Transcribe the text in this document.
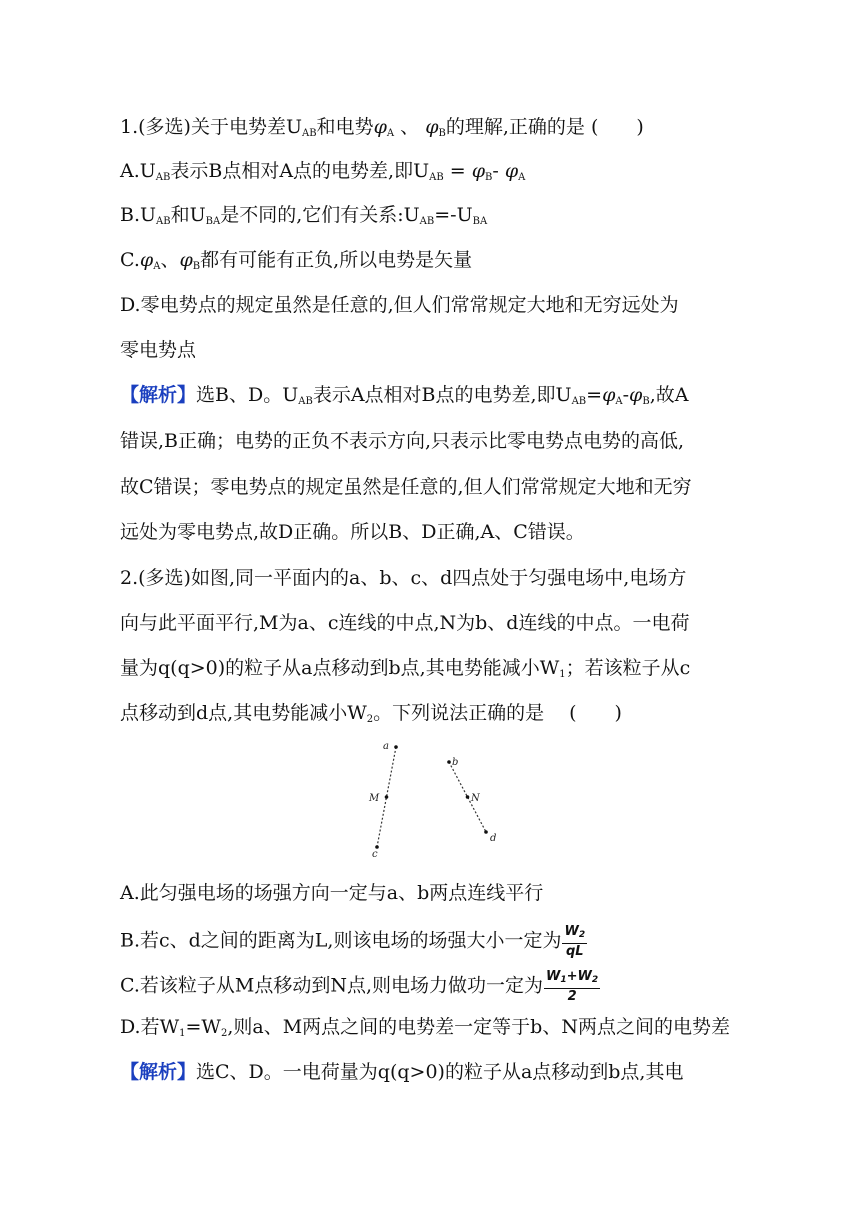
1.(多选)关于电势差$U_{AB}$和电势$\varphi_A$ 、 $\varphi_B$的理解,正确的是 (　　)
$A.U_{AB}$表示B点相对A点的电势差,即$U_{AB} = \varphi_B-$ $\varphi_A$
$B.U_{AB}$和$U_{BA}$是不同的,它们有关系$:U_{AB}=-U_{BA}$
$C.\varphi_A$、$\varphi_B$都有可能有正负,所以电势是矢量
D.零电势点的规定虽然是任意的,但人们常常规定大地和无穷远处为
零电势点
【解析】选B、D。$U_{AB}$表示A点相对B点的电势差,即$U_{AB}=\varphi_A-\varphi_B$,故A
错误,B正确；电势的正负不表示方向,只表示比零电势点电势的高低,
故C错误；零电势点的规定虽然是任意的,但人们常常规定大地和无穷
远处为零电势点,故D正确。所以B、D正确,A、C错误。
2.(多选)如图,同一平面内的a、b、c、d四点处于匀强电场中,电场方
向与此平面平行,M为a、c连线的中点,N为b、d连线的中点。一电荷
量为q(q>0)的粒子从a点移动到b点,其电势能减小$W_1$；若该粒子从c
点移动到d点,其电势能减小$W_2$。下列说法正确的是　 (　　)
a
M
c
b
N
d
A.此匀强电场的场强方向一定与a、b两点连线平行
B.若c、d之间的距离为L,则该电场的场强大小一定为 $\frac{W2}{qL}$
C.若该粒子从M点移动到N点,则电场力做功一定为 $\frac{W1+W2}{2}$
D.若$W_1=W_2$,则a、M两点之间的电势差一定等于b、N两点之间的电势差
【解析】选C、D。一电荷量为q(q>0)的粒子从a点移动到b点,其电
